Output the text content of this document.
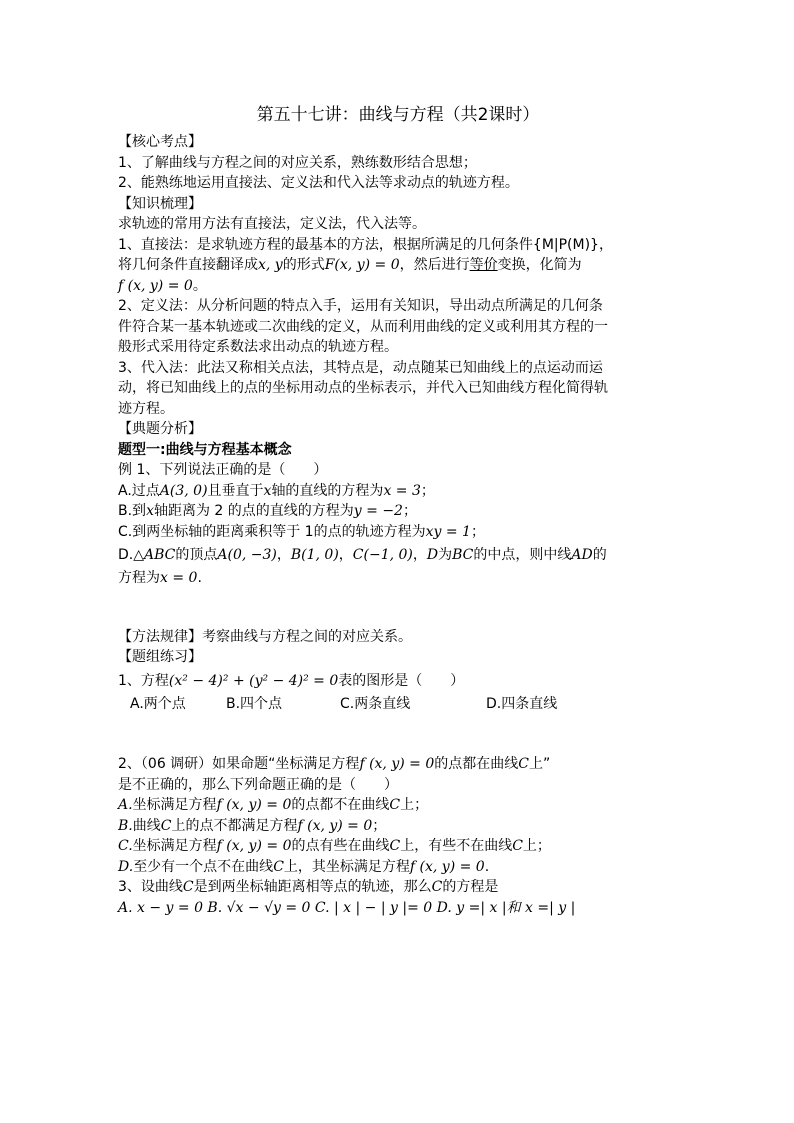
第五十七讲：曲线与方程（共2课时）
【核心考点】
1、了解曲线与方程之间的对应关系，熟练数形结合思想；
2、能熟练地运用直接法、定义法和代入法等求动点的轨迹方程。
【知识梳理】
求轨迹的常用方法有直接法，定义法，代入法等。
1、直接法：是求轨迹方程的最基本的方法，根据所满足的几何条件{M|P(M)}，
将几何条件直接翻译成x, y的形式F(x, y) = 0，然后进行等价变换，化简为
f (x, y) = 0。
2、定义法：从分析问题的特点入手，运用有关知识，导出动点所满足的几何条
件符合某一基本轨迹或二次曲线的定义，从而利用曲线的定义或利用其方程的一
般形式采用待定系数法求出动点的轨迹方程。
3、代入法：此法又称相关点法，其特点是，动点随某已知曲线上的点运动而运
动，将已知曲线上的点的坐标用动点的坐标表示，并代入已知曲线方程化简得轨
迹方程。
【典题分析】
题型一:曲线与方程基本概念
例 1、下列说法正确的是（　　）
A.过点A(3, 0)且垂直于x轴的直线的方程为x = 3；
B.到x轴距离为 2 的点的直线的方程为y = −2；
C.到两坐标轴的距离乘积等于 1的点的轨迹方程为xy = 1；
D.△ABC的顶点A(0, −3)，B(1, 0)，C(−1, 0)，D为BC的中点，则中线AD的
方程为x = 0.
【方法规律】考察曲线与方程之间的对应关系。
【题组练习】
1、方程(x² − 4)² + (y² − 4)² = 0表的图形是（　　）
A.两个点	B.四个点	C.两条直线	D.四条直线
2、（06 调研）如果命题“坐标满足方程f (x, y) = 0的点都在曲线C上”
是不正确的，那么下列命题正确的是（　　）
A.坐标满足方程f (x, y) = 0的点都不在曲线C上；
B.曲线C上的点不都满足方程f (x, y) = 0；
C.坐标满足方程f (x, y) = 0的点有些在曲线C上，有些不在曲线C上；
D.至少有一个点不在曲线C上，其坐标满足方程f (x, y) = 0.
3、设曲线C是到两坐标轴距离相等点的轨迹，那么C的方程是
A. x − y = 0 B. √x − √y = 0 C. | x | − | y |= 0 D. y =| x |和 x =| y |
